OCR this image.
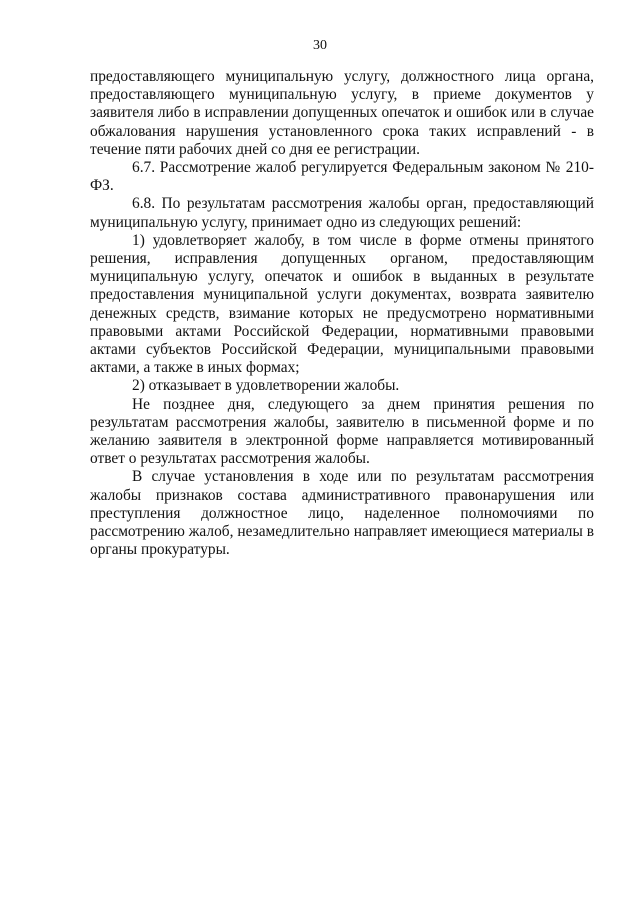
30

предоставляющего муниципальную услугу, должностного лица органа, предоставляющего муниципальную услугу, в приеме документов у заявителя либо в исправлении допущенных опечаток и ошибок или в случае обжалования нарушения установленного срока таких исправлений - в течение пяти рабочих дней со дня ее регистрации.

6.7. Рассмотрение жалоб регулируется Федеральным законом № 210-ФЗ.

6.8. По результатам рассмотрения жалобы орган, предоставляющий муниципальную услугу, принимает одно из следующих решений:

1) удовлетворяет жалобу, в том числе в форме отмены принятого решения, исправления допущенных органом, предоставляющим муниципальную услугу, опечаток и ошибок в выданных в результате предоставления муниципальной услуги документах, возврата заявителю денежных средств, взимание которых не предусмотрено нормативными правовыми актами Российской Федерации, нормативными правовыми актами субъектов Российской Федерации, муниципальными правовыми актами, а также в иных формах;

2) отказывает в удовлетворении жалобы.

Не позднее дня, следующего за днем принятия решения по результатам рассмотрения жалобы, заявителю в письменной форме и по желанию заявителя в электронной форме направляется мотивированный ответ о результатах рассмотрения жалобы.

В случае установления в ходе или по результатам рассмотрения жалобы признаков состава административного правонарушения или преступления должностное лицо, наделенное полномочиями по рассмотрению жалоб, незамедлительно направляет имеющиеся материалы в органы прокуратуры.
